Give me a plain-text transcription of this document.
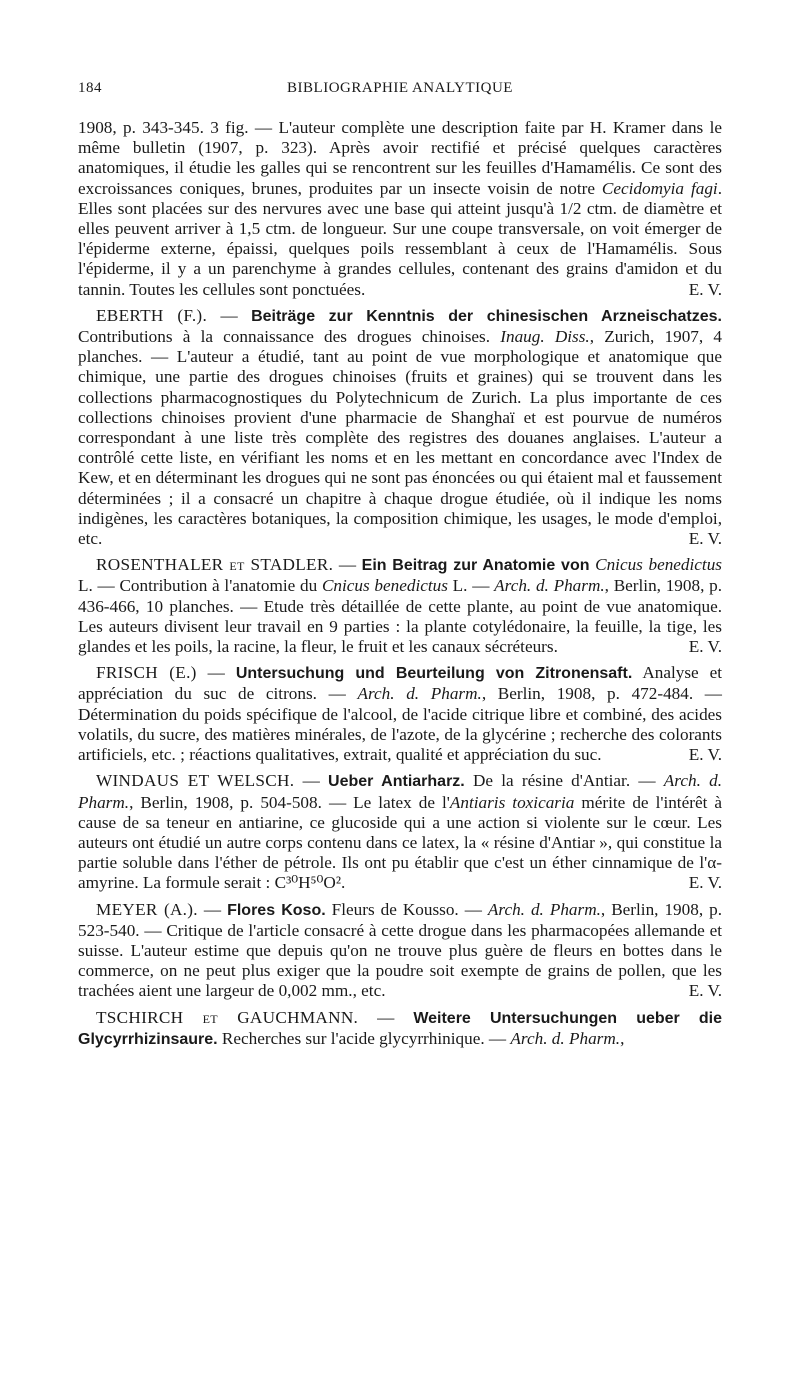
184	BIBLIOGRAPHIE ANALYTIQUE

1908, p. 343-345. 3 fig. — L'auteur complète une description faite par H. Kramer dans le même bulletin (1907, p. 323). Après avoir rectifié et précisé quelques caractères anatomiques, il étudie les galles qui se rencontrent sur les feuilles d'Hamamélis. Ce sont des excroissances coniques, brunes, produites par un insecte voisin de notre Cecidomyia fagi. Elles sont placées sur des nervures avec une base qui atteint jusqu'à 1/2 ctm. de diamètre et elles peuvent arriver à 1,5 ctm. de longueur. Sur une coupe transversale, on voit émerger de l'épiderme externe, épaissi, quelques poils ressemblant à ceux de l'Hamamélis. Sous l'épiderme, il y a un parenchyme à grandes cellules, contenant des grains d'amidon et du tannin. Toutes les cellules sont ponctuées.	E. V.

EBERTH (F.). — Beiträge zur Kenntnis der chinesischen Arzneischatzes. Contributions à la connaissance des drogues chinoises. Inaug. Diss., Zurich, 1907, 4 planches. — L'auteur a étudié, tant au point de vue morphologique et anatomique que chimique, une partie des drogues chinoises (fruits et graines) qui se trouvent dans les collections pharmacognostiques du Polytechnicum de Zurich. La plus importante de ces collections chinoises provient d'une pharmacie de Shanghaï et est pourvue de numéros correspondant à une liste très complète des registres des douanes anglaises. L'auteur a contrôlé cette liste, en vérifiant les noms et en les mettant en concordance avec l'Index de Kew, et en déterminant les drogues qui ne sont pas énoncées ou qui étaient mal et faussement déterminées ; il a consacré un chapitre à chaque drogue étudiée, où il indique les noms indigènes, les caractères botaniques, la composition chimique, les usages, le mode d'emploi, etc.	E. V.

ROSENTHALER et STADLER. — Ein Beitrag zur Anatomie von Cnicus benedictus L. — Contribution à l'anatomie du Cnicus benedictus L. — Arch. d. Pharm., Berlin, 1908, p. 436-466, 10 planches. — Etude très détaillée de cette plante, au point de vue anatomique. Les auteurs divisent leur travail en 9 parties : la plante cotylédonaire, la feuille, la tige, les glandes et les poils, la racine, la fleur, le fruit et les canaux sécréteurs.	E. V.

FRISCH (E.) — Untersuchung und Beurteilung von Zitronensaft. Analyse et appréciation du suc de citrons. — Arch. d. Pharm., Berlin, 1908, p. 472-484. — Détermination du poids spécifique de l'alcool, de l'acide citrique libre et combiné, des acides volatils, du sucre, des matières minérales, de l'azote, de la glycérine ; recherche des colorants artificiels, etc. ; réactions qualitatives, extrait, qualité et appréciation du suc.	E. V.

WINDAUS ET WELSCH. — Ueber Antiarharz. De la résine d'Antiar. — Arch. d. Pharm., Berlin, 1908, p. 504-508. — Le latex de l'Antiaris toxicaria mérite de l'intérêt à cause de sa teneur en antiarine, ce glucoside qui a une action si violente sur le cœur. Les auteurs ont étudié un autre corps contenu dans ce latex, la « résine d'Antiar », qui constitue la partie soluble dans l'éther de pétrole. Ils ont pu établir que c'est un éther cinnamique de l'α-amyrine. La formule serait : C³⁰H⁵⁰O².	E. V.

MEYER (A.). — Flores Koso. Fleurs de Kousso. — Arch. d. Pharm., Berlin, 1908, p. 523-540. — Critique de l'article consacré à cette drogue dans les pharmacopées allemande et suisse. L'auteur estime que depuis qu'on ne trouve plus guère de fleurs en bottes dans le commerce, on ne peut plus exiger que la poudre soit exempte de grains de pollen, que les trachées aient une largeur de 0,002 mm., etc.	E. V.

TSCHIRCH et GAUCHMANN. — Weitere Untersuchungen ueber die Glycyrrhizinsaure. Recherches sur l'acide glycyrrhinique. — Arch. d. Pharm.,
